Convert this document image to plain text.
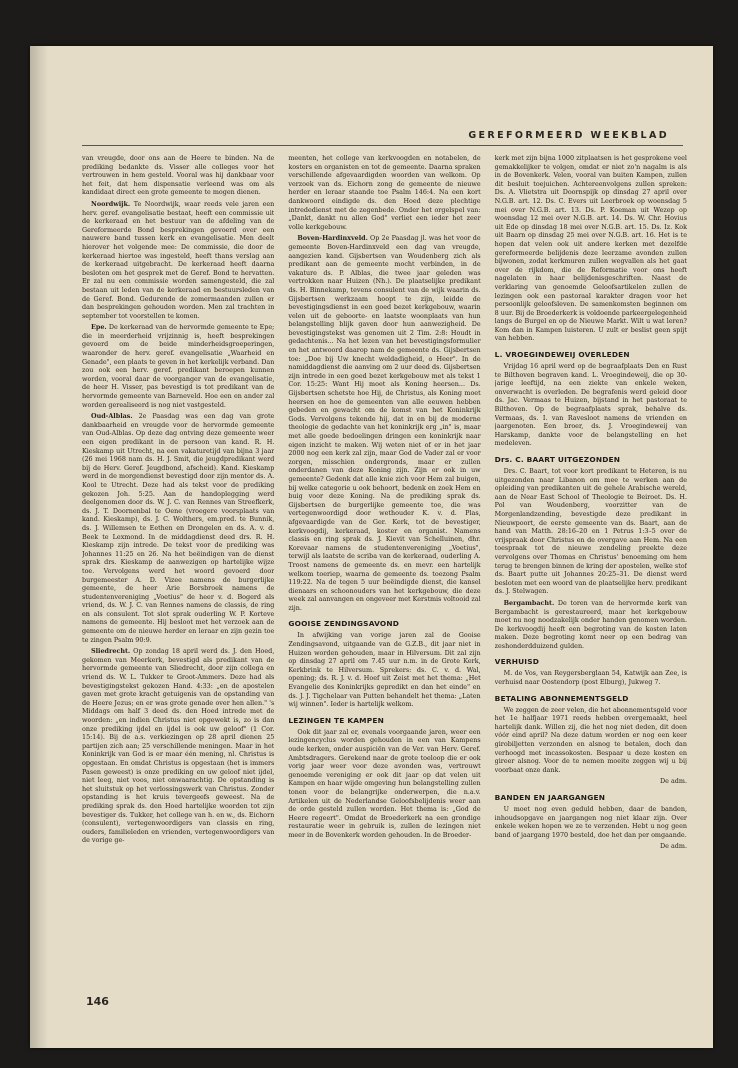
GEREFORMEERD WEEKBLAD

van vreugde, door ons aan de Heere te binden. Na de prediking bedankte ds. Visser alle colleges voor het vertrouwen in hem gesteld. Vooral was hij dankbaar voor het feit, dat hem dispensatie verleend was om als kandidaat direct een grote gemeente te mogen dienen.

Noordwijk. Te Noordwijk, waar reeds vele jaren een herv. geref. evangelisatie bestaat, heeft een commissie uit de kerkeraad en het bestuur van de afdeling van de Gereformeerde Bond besprekingen gevoerd over een nauwere band tussen kerk en evangelisatie. Men deelt hierover het volgende mee: De commissie, die door de kerkeraad hiertoe was ingesteld, heeft thans verslag aan de kerkeraad uitgebracht. De kerkeraad heeft daarna besloten om het gesprek met de Geref. Bond te hervatten. Er zal nu een commissie worden samengesteld, die zal bestaan uit leden van de kerkeraad en bestuursleden van de Geref. Bond. Gedurende de zomermaanden zullen er dan besprekingen gehouden worden. Men zal trachten in september tot voorstellen te komen.

Epe. De kerkeraad van de hervormde gemeente te Epe; die in meerderheid vrijzinnig is, heeft besprekingen gevoerd om de beide minderheidsgroeperingen, waaronder de herv. geref. evangelisatie „Waarheid en Genade", een plaats te geven in het kerkelijk verband. Dan zou ook een herv. geref. predikant beroepen kunnen worden, vooral daar de voorganger van de evangelisatie, de heer H. Visser, pas bevestigd is tot predikant van de hervormde gemeente van Barneveld. Hoe een en ander zal worden gerealiseerd is nog niet vastgesteld.

Oud-Alblas. 2e Paasdag was een dag van grote dankbaarheid en vreugde voor de hervormde gemeente van Oud-Alblas. Op deze dag ontving deze gemeente weer een eigen predikant in de persoon van kand. R. H. Kieskamp uit Utrecht, na een vakaturetijd van bijna 3 jaar (26 mei 1968 nam ds. H. J. Smit, die jeugdpredikant werd bij de Herv. Geref. Jeugdbond, afscheid). Kand. Kieskamp werd in de morgendienst bevestigd door zijn mentor ds. A. Kool te Utrecht. Deze had als tekst voor de prediking gekozen Joh. 5:25. Aan de handoplegging werd deelgenomen door ds. W. J. C. van Rennes van Streefkerk, ds. J. T. Doornenbal te Oene (vroegere voorsplaats van kand. Kieskamp), ds. J. C. Wolthers, em.pred. te Bunnik, ds. J. Willemsen te Eethen en Drongelen en ds. A. v. d. Beek te Lexmond. In de middagdienst deed drs. R. H. Kieskamp zijn intrede. De tekst voor de prediking was Johannes 11:25 en 26. Na het beëindigen van de dienst sprak drs. Kieskamp de aanwezigen op hartelijke wijze toe. Vervolgens werd het woord gevoerd door burgemeester A. D. Vizee namens de burgerlijke gemeente, de heer Arie Borsbroek namens de studentenvereniging „Voetius" de heer v. d. Bogerd als vriend, ds. W. J. C. van Rennes namens de classis, de ring en als consulent. Tot slot sprak ouderling W. P. Korteve namens de gemeente. Hij besloot met het verzoek aan de gemeente om de nieuwe herder en leraar en zijn gezin toe te zingen Psalm 90:9.

Sliedrecht. Op zondag 18 april werd ds. J. den Hoed, gekomen van Meerkerk, bevestigd als predikant van de hervormde gemeente van Sliedrecht, door zijn collega en vriend ds. W. L. Tukker te Groot-Ammers. Deze had als bevestigingstekst gekozen Hand. 4:33: „en de apostelen gaven met grote kracht getuigenis van de opstanding van de Heere Jezus; en er was grote genade over hen allen." 's Middags om half 3 deed ds. den Hoed intrede met de woorden: „en indien Christus niet opgewekt is, zo is dan onze prediking ijdel en ijdel is ook uw geloof" (1 Cor. 15:14). Bij de a.s. verkiezingen op 28 april dienen 25 partijen zich aan; 25 verschillende meningen. Maar in het Koninkrijk van God is er maar één mening, nl. Christus is opgestaan. En omdat Christus is opgestaan (het is immers Pasen geweest) is onze prediking en uw geloof niet ijdel, niet leeg, niet voos, niet onwaarachtig. De opstanding is het sluitstuk op het verlossingswerk van Christus. Zonder opstanding is het kruis tevergeefs geweest. Na de prediking sprak ds. den Hoed hartelijke woorden tot zijn bevestiger ds. Tukker, het college van h. en w., ds. Eichorn (consulent), vertegenwoordigers van classis en ring, ouders, familieleden en vrienden, vertegenwoordigers van de vorige ge-

meenten, het college van kerkvoogden en notabelen, de kosters en organisten en tot de gemeente. Daarna spraken verschillende afgevaardigden woorden van welkom. Op verzoek van ds. Eichorn zong de gemeente de nieuwe herder en leraar staande toe Psalm 146:4. Na een kort dankwoord eindigde ds. den Hoed deze plechtige intrededienst met de zegenbede. Onder het orgelspel van: „Dankt, dankt nu allen God" verliet een ieder het zeer volle kerkgebouw.

Boven-Hardinxveld. Op 2e Paasdag jl. was het voor de gemeente Boven-Hardinxveld een dag van vreugde, aangezien kand. Gijsbertsen van Woudenberg zich als predikant aan de gemeente mocht verbinden, in de vakature ds. P. Alblas, die twee jaar geleden was vertrokken naar Huizen (Nh.). De plaatselijke predikant ds. H. Binnekamp, tevens consulent van de wijk waarin ds. Gijsbertsen werkzaam hoopt te zijn, leidde de bevestigingsdienst in een goed bezet kerkgebouw, waarin velen uit de geboorte- en laatste woonplaats van hun belangstelling blijk gaven door hun aanwezigheid. De bevestigingstekst was genomen uit 2 Tim. 2:8: Houdt in gedachtenis... Na het lezen van het bevestigingsformulier en het antwoord daarop nam de gemeente ds. Gijsbertsen toe: „Doe bij Uw knecht weldadigheid, o Heer". In de namiddagdienst die aanving om 2 uur deed ds. Gijsbertsen zijn intrede in een goed bezet kerkgebouw met als tekst 1 Cor. 15:25: Want Hij moet als Koning heersen... Ds. Gijsbertsen schetste hoe Hij, de Christus, als Koning moet heersen en hoe de gemeenten van alle eeuwen hebben gebeden en gewacht om de komst van het Koninkrijk Gods. Vervolgens tekende hij, dat in en bij de moderne theologie de gedachte van het koninkrijk erg „in" is, maar met alle goede bedoelingen dringen een koninkrijk naar eigen inzicht te maken. Wij weten niet of er in het jaar 2000 nog een kerk zal zijn, maar God de Vader zal er voor zorgen, misschien ondergronds, maar er zullen onderdanen van deze Koning zijn. Zijn er ook in uw gemeente? Gedenk dat alle knie zich voor Hem zal buigen, bij welke categorie u ook behoort, bedenk en zoek Hem en buig voor deze Koning. Na de prediking sprak ds. Gijsbertsen de burgerlijke gemeente toe, die was vertegenwoordigd door wethouder K. v. d. Plas, afgevaardigde van de Ger. Kerk, tot de bevestiger, kerkvoogdij, kerkeraad, koster en organist. Namens classis en ring sprak ds. J. Kievit van Schelluinen, dhr. Korevaar namens de studentenvereniging „Voetius", terwijl als laatste de scriba van de kerkeraad, ouderling A. Troost namens de gemeente ds. en mevr. een hartelijk welkom toeriep, waarna de gemeente ds. toezong Psalm 119:22. Na de tegen 5 uur beëindigde dienst, die kansel dienaars en schoonouders van het kerkgebouw, die deze week zal aanvangen en ongeveer met Kerstmis voltooid zal zijn.

GOOISE ZENDINGSAVOND

In afwijking van vorige jaren zal de Gooise Zendingsavond, uitgaande van de G.Z.B., dit jaar niet in Huizen worden gehouden, maar in Hilversum. Dit zal zijn op dinsdag 27 april om 7.45 uur n.m. in de Grote Kerk, Kerkbrink te Hilversum. Sprekers: ds. C. v. d. Wal, opening; ds. R. J. v. d. Hoef uit Zeist met het thema: „Het Evangelie des Koninkrijks gepredikt en dan het einde" en ds. J. J. Tigchelaar van Putten behandelt het thema: „Laten wij winnen". Ieder is hartelijk welkom.

LEZINGEN TE KAMPEN

Ook dit jaar zal er, evenals voorgaande jaren, weer een lezingencyclus worden gehouden in een van Kampens oude kerken, onder auspiciën van de Ver. van Herv. Geref. Ambtsdragers. Gerekend naar de grote toeloop die er ook vorig jaar weer voor deze avonden was, vertrouwt genoemde vereniging er ook dit jaar op dat velen uit Kampen en haar wijde omgeving hun belangstelling zullen tonen voor de belangrijke onderwerpen, die n.a.v. Artikelen uit de Nederlandse Geloofsbelijdenis weer aan de orde gesteld zullen worden. Het thema is: „God de Heere regeert". Omdat de Broederkerk na een grondige restauratie weer in gebruik is, zullen de lezingen niet meer in de Bovenkerk worden gehouden. In de Broeder-

kerk met zijn bijna 1000 zitplaatsen is het gesprokene veel gemakkelijker te volgen, omdat er niet zo'n nagalm is als in de Bovenkerk. Velen, vooral van buiten Kampen, zullen dit besluit toejuichen. Achtereenvolgens zullen spreken: Ds. A. Vlietstra uit Doornspijk op dinsdag 27 april over N.G.B. art. 12. Ds. C. Evers uit Leerbroek op woensdag 5 mei over N.G.B. art. 13. Ds. P. Koeman uit Wezep op woensdag 12 mei over N.G.B. art. 14. Ds. W. Chr. Hovius uit Ede op dinsdag 18 mei over N.G.B. art. 15. Ds. Iz. Kok uit Baarn op dinsdag 25 mei over N.G.B. art. 16. Het is te hopen dat velen ook uit andere kerken met dezelfde gereformeerde belijdenis deze leerzame avonden zullen bijwonen, zodat kerkmuren zullen wegvallen als het gaat over de rijkdom, die de Reformatie voor ons heeft nagelaten in haar belijdenisgeschriften. Naast de verklaring van genoemde Geloofsartikelen zullen de lezingen ook een pastoraal karakter dragen voor het persoonlijk geloofsleven. De samenkomsten beginnen om 8 uur. Bij de Broederkerk is voldoende parkeergelegenheid langs de Burgel en op de Nieuwe Markt. Wilt u wat leren? Kom dan in Kampen luisteren. U zult er beslist geen spijt van hebben.

L. VROEGINDEWEIJ OVERLEDEN

Vrijdag 16 april werd op de begraafplaats Den en Rust te Bilthoven begraven kand. L. Vroegindeweij, die op 30-jarige leeftijd, na een ziekte van enkele weken, onverwacht is overleden. De begrafenis werd geleid door ds. Jac. Vermaas te Huizen, bijstand in het pastoraat te Bilthoven. Op de begraafplaats sprak, behalve ds. Vermaas, ds. I. van Ravesloot namens de vrienden en jaargenoten. Een broer, ds. J. Vroegindeweij van Harskamp, dankte voor de belangstelling en het medeleven.

Drs. C. BAART UITGEZONDEN

Drs. C. Baart, tot voor kort predikant te Heteren, is nu uitgezonden naar Libanon om mee te werken aan de opleiding van predikanten uit de gehele Arabische wereld, aan de Near East School of Theologie te Beiroet. Ds. H. Pol van Woudenberg, voorzitter van de Morgenlandzending, bevestigde deze predikant in Nieuwpoort, de eerste gemeente van ds. Baart, aan de hand van Matth. 28:16–20 en 1 Petrus 1:3–5 over de vrijspraak door Christus en de overgave aan Hem. Na een toespraak tot de nieuwe zendeling preekte deze vervolgens over Thomas en Christus' benoeming om hem terug te brengen binnen de kring der apostelen, welke stof ds. Baart putte uit Johannes 20:25–31. De dienst werd besloten met een woord van de plaatselijke herv. predikant ds. J. Stelwagen.

Bergambacht. De toren van de hervormde kerk van Bergambacht is gerestaureerd, maar het kerkgebouw moet nu nog noodzakelijk onder handen genomen worden. De kerkvoogdij heeft een begroting van de kosten laten maken. Deze begroting komt neer op een bedrag van zeshonderdduizend gulden.

VERHUISD

M. de Vos, van Reygersberglaan 54, Katwijk aan Zee, is verhuisd naar Oostendorp (post Elburg), Jukweg 7.

BETALING ABONNEMENTSGELD

We zeggen de zeer velen, die het abonnementsgeld voor het 1e halfjaar 1971 reeds hebben overgemaakt, heel hartelijk dank. Willen zij, die het nog niet deden, dit doen vóór eind april? Na deze datum worden er nog een keer girobiljetten verzonden en alsnog te betalen, doch dan verhoogd met incassokosten. Bespaar u deze kosten en gireer alsnog. Voor de te nemen moeite zeggen wij u bij voorbaat onze dank.

De adm.

BANDEN EN JAARGANGEN

U moet nog even geduld hebben, daar de banden, inhoudsopgave en jaargangen nog niet klaar zijn. Over enkele weken hopen we ze te verzenden. Hebt u nog geen band of jaargang 1970 besteld, doe het dan per omgaande.

De adm.

146
